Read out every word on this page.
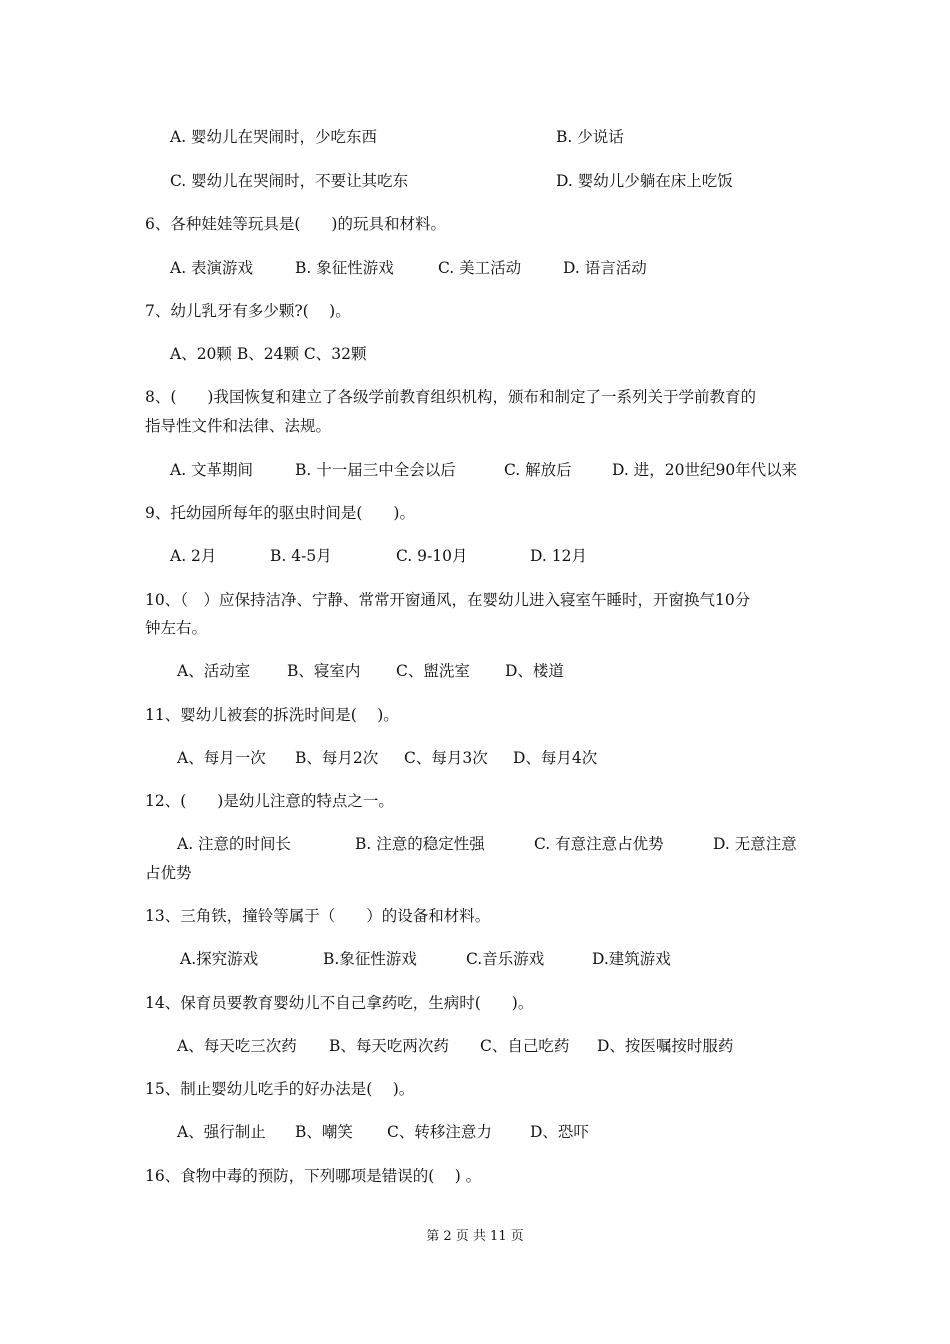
A. 婴幼儿在哭闹时，少吃东西	B. 少说话
C. 婴幼儿在哭闹时，不要让其吃东	D. 婴幼儿少躺在床上吃饭
6、各种娃娃等玩具是(　　)的玩具和材料。
A. 表演游戏	B. 象征性游戏	C. 美工活动	D. 语言活动
7、幼儿乳牙有多少颗?(　 )。
A、20颗 B、24颗 C、32颗
8、(　　)我国恢复和建立了各级学前教育组织机构，颁布和制定了一系列关于学前教育的
指导性文件和法律、法规。
A. 文革期间	B. 十一届三中全会以后	C. 解放后	D. 进，20世纪90年代以来
9、托幼园所每年的驱虫时间是(　　)。
A. 2月	B. 4-5月	C. 9-10月	D. 12月
10、（　）应保持洁净、宁静、常常开窗通风，在婴幼儿进入寝室午睡时，开窗换气10分
钟左右。
A、活动室 B、寝室内 C、盥洗室 D、楼道
11、婴幼儿被套的拆洗时间是(　 )。
A、每月一次 B、每月2次 C、每月3次 D、每月4次
12、(　　)是幼儿注意的特点之一。
A. 注意的时间长	B. 注意的稳定性强	C. 有意注意占优势	D. 无意注意
占优势
13、三角铁，撞铃等属于（　　）的设备和材料。
A.探究游戏	B.象征性游戏	C.音乐游戏	D.建筑游戏
14、保育员要教育婴幼儿不自己拿药吃，生病时(　　)。
A、每天吃三次药 B、每天吃两次药 C、自己吃药 D、按医嘱按时服药
15、制止婴幼儿吃手的好办法是(　 )。
A、强行制止 B、嘲笑 C、转移注意力 D、恐吓
16、食物中毒的预防，下列哪项是错误的(　 ) 。
第 2 页 共 11 页
